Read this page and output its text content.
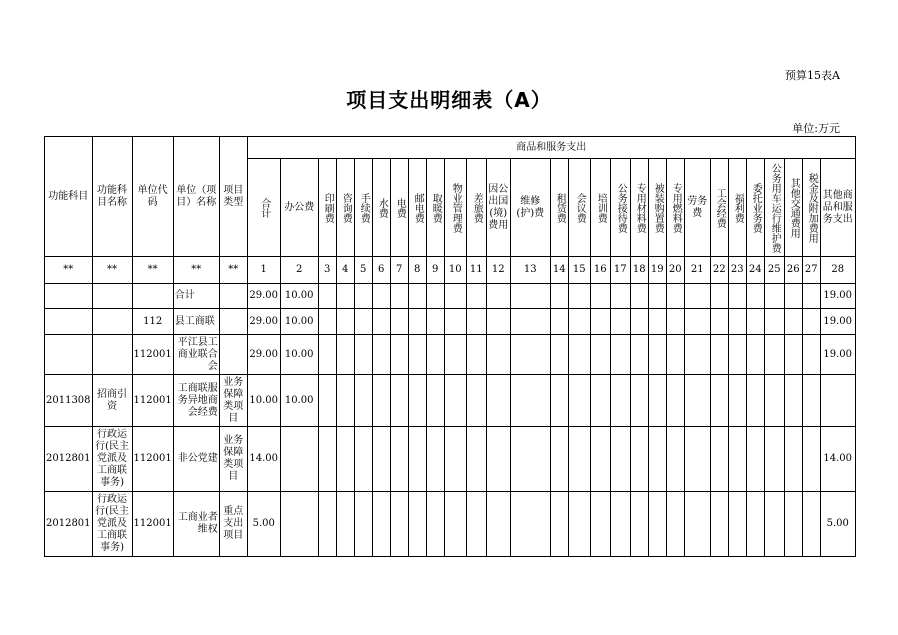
预算15表A
项目支出明细表（A）
单位:万元
功能科目	功能科目名称	单位代码	单位（项目）名称	项目类型	商品和服务支出																											
					合计	办公费	印刷费	咨询费	手续费	水费	电费	邮电费	取暖费	物业管理费	差旅费	因公出国(境)费用	维修(护)费	租赁费	会议费	培训费	公务接待费	专用材料费	被装购置费	专用燃料费	劳务费	工会经费	福利费	委托业务费	公务用车运行维护费	其他交通费用	税金及附加费用	其他商品和服务支出
**	**	**	**	**	1	2	3	4	5	6	7	8	9	10	11	12	13	14	15	16	17	18	19	20	21	22	23	24	25	26	27	28
			合计		29.00	10.00																										19.00
		112	县工商联		29.00	10.00																										19.00
		112001	平江县工商业联合会		29.00	10.00																										19.00
2011308	招商引资	112001	工商联服务异地商会经费	业务保障类项目	10.00	10.00																										
2012801	行政运行(民主党派及工商联事务)	112001	非公党建	业务保障类项目	14.00																											14.00
2012801	行政运行(民主党派及工商联事务)	112001	工商业者维权	重点支出项目	5.00																											5.00
